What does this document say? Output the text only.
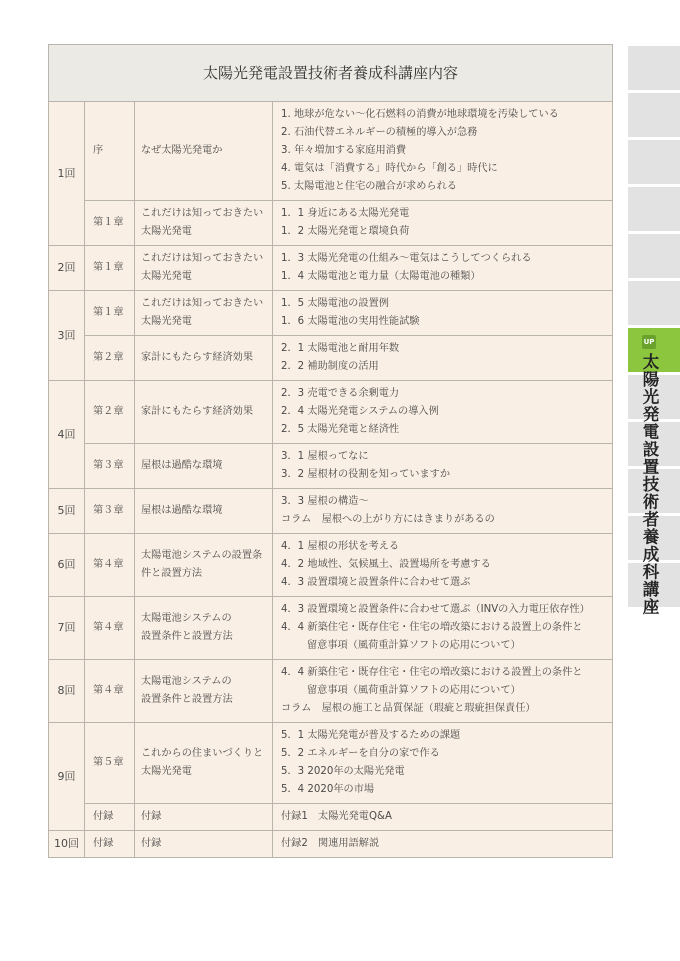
太陽光発電設置技術者養成科講座内容			
1回	序	なぜ太陽光発電か	1. 地球が危ない〜化石燃料の消費が地球環境を汚染している
2. 石油代替エネルギーの積極的導入が急務
3. 年々増加する家庭用消費
4. 電気は「消費する」時代から「創る」時代に
5. 太陽電池と住宅の融合が求められる

	第１章	これだけは知っておきたい
太陽光発電	1．1 身近にある太陽光発電
1．2 太陽光発電と環境負荷

2回	第１章	これだけは知っておきたい
太陽光発電	1．3 太陽光発電の仕組み〜電気はこうしてつくられる
1．4 太陽電池と電力量（太陽電池の種類）

3回	第１章	これだけは知っておきたい
太陽光発電	1．5 太陽電池の設置例
1．6 太陽電池の実用性能試験

	第２章	家計にもたらす経済効果	2．1 太陽電池と耐用年数
2．2 補助制度の活用

4回	第２章	家計にもたらす経済効果	2．3 売電できる余剰電力
2．4 太陽光発電システムの導入例
2．5 太陽光発電と経済性

	第３章	屋根は過酷な環境	3．1 屋根ってなに
3．2 屋根材の役割を知っていますか

5回	第３章	屋根は過酷な環境	3．3 屋根の構造〜
コラム　屋根への上がり方にはきまりがあるの

6回	第４章	太陽電池システムの設置条
件と設置方法	4．1 屋根の形状を考える
4．2 地域性、気候風土、設置場所を考慮する
4．3 設置環境と設置条件に合わせて選ぶ

7回	第４章	太陽電池システムの
設置条件と設置方法	4．3 設置環境と設置条件に合わせて選ぶ（INVの入力電圧依存性）
4．4 新築住宅・既存住宅・住宅の増改築における設置上の条件と
留意事項（風荷重計算ソフトの応用について）

8回	第４章	太陽電池システムの
設置条件と設置方法	4．4 新築住宅・既存住宅・住宅の増改築における設置上の条件と
留意事項（風荷重計算ソフトの応用について）
コラム　屋根の施工と品質保証（瑕疵と瑕疵担保責任）

9回	第５章	これからの住まいづくりと
太陽光発電	5．1 太陽光発電が普及するための課題
5．2 エネルギーを自分の家で作る
5．3 2020年の太陽光発電
5．4 2020年の市場

	付録	付録	付録1　太陽光発電Q&A

10回	付録	付録	付録2　関連用語解説
UP
太陽光発電設置技術者養成科講座
